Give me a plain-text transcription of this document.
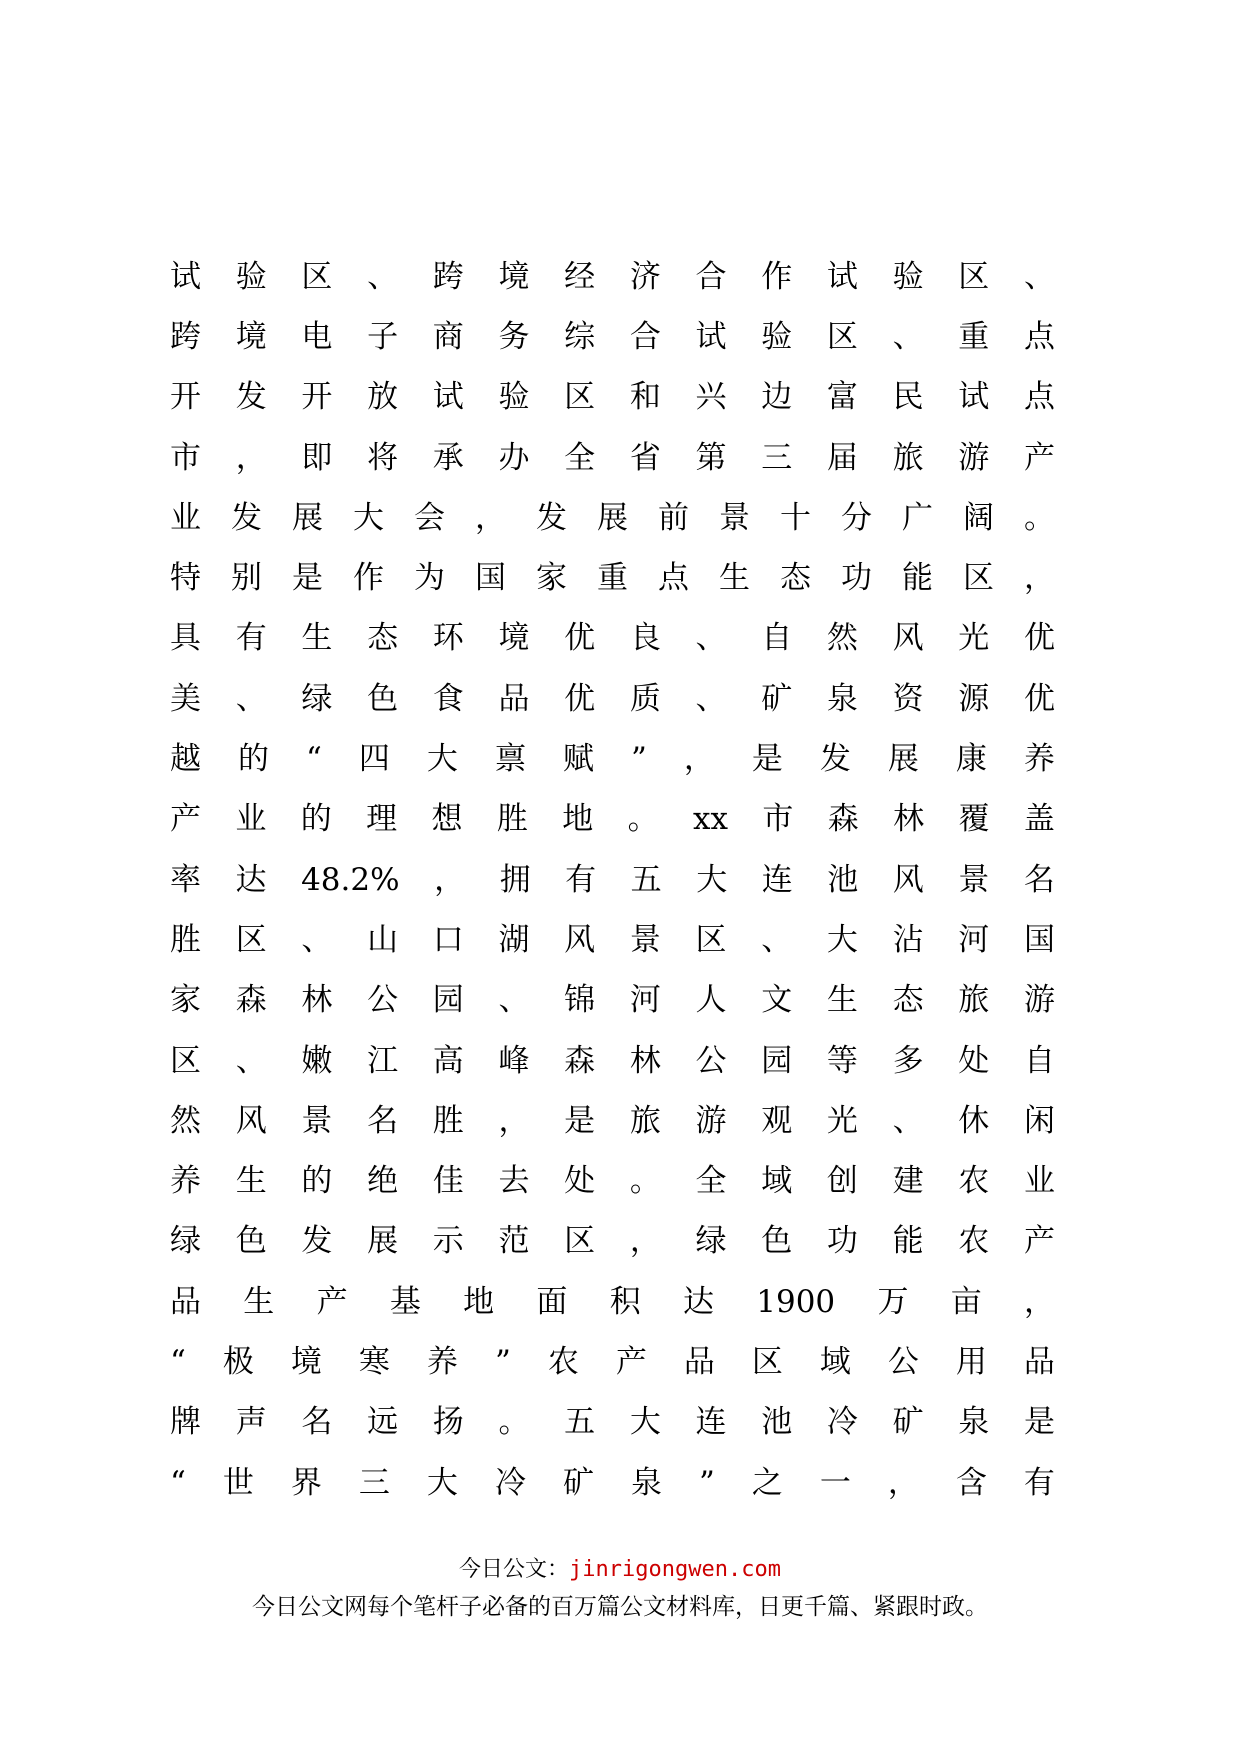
试 验 区 、 跨 境 经 济 合 作 试 验 区 、
跨 境 电 子 商 务 综 合 试 验 区 、 重 点
开 发 开 放 试 验 区 和 兴 边 富 民 试 点
市 ， 即 将 承 办 全 省 第 三 届 旅 游 产
业 发 展 大 会 ， 发 展 前 景 十 分 广 阔 。
特 别 是 作 为 国 家 重 点 生 态 功 能 区 ，
具 有 生 态 环 境 优 良 、 自 然 风 光 优
美 、 绿 色 食 品 优 质 、 矿 泉 资 源 优
越 的 “ 四 大 禀 赋 ” ， 是 发 展 康 养
产 业 的 理 想 胜 地 。 xx 市 森 林 覆 盖
率 达 48.2% ， 拥 有 五 大 连 池 风 景 名
胜 区 、 山 口 湖 风 景 区 、 大 沾 河 国
家 森 林 公 园 、 锦 河 人 文 生 态 旅 游
区 、 嫩 江 高 峰 森 林 公 园 等 多 处 自
然 风 景 名 胜 ， 是 旅 游 观 光 、 休 闲
养 生 的 绝 佳 去 处 。 全 域 创 建 农 业
绿 色 发 展 示 范 区 ， 绿 色 功 能 农 产
品 生 产 基 地 面 积 达 1900 万 亩 ，
“ 极 境 寒 养 ” 农 产 品 区 域 公 用 品
牌 声 名 远 扬 。 五 大 连 池 冷 矿 泉 是
“ 世 界 三 大 冷 矿 泉 ” 之 一 ， 含 有
今日公文：jinrigongwen.com
今日公文网每个笔杆子必备的百万篇公文材料库，日更千篇、紧跟时政。
